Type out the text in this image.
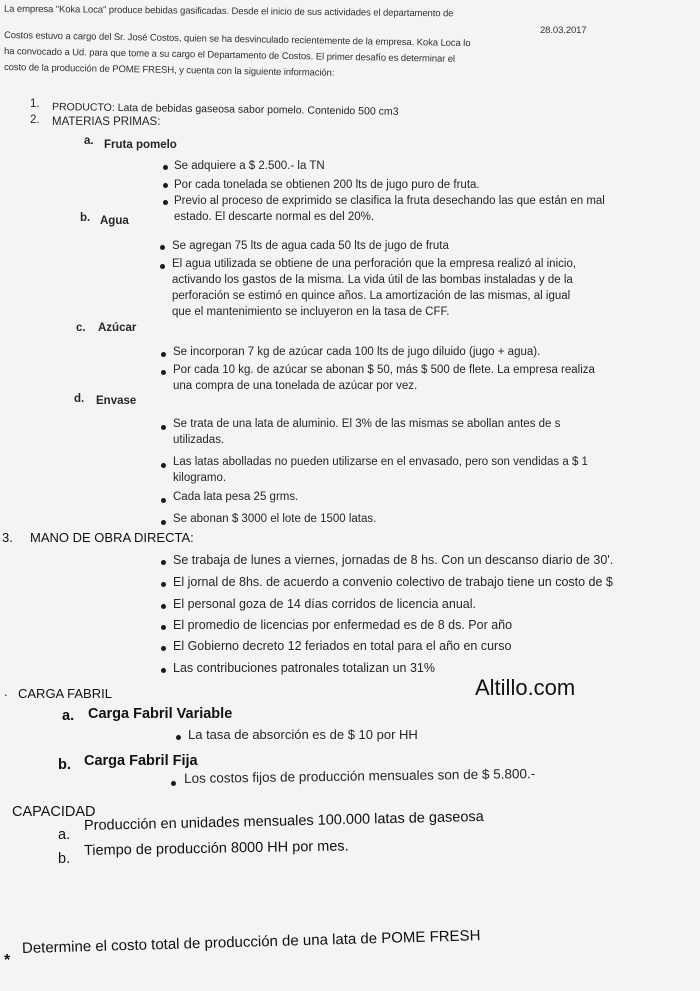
La empresa "Koka Loca" produce bebidas gasificadas. Desde el inicio de sus actividades el departamento de
28.03.2017
Costos estuvo a cargo del Sr. José Costos, quien se ha desvinculado recientemente de la empresa. Koka Loca lo
ha convocado a Ud. para que tome a su cargo el Departamento de Costos. El primer desafío es determinar el
costo de la producción de POME FRESH, y cuenta con la siguiente información:
1. PRODUCTO: Lata de bebidas gaseosa sabor pomelo. Contenido 500 cm3
2. MATERIAS PRIMAS:
a. Fruta pomelo
Se adquiere a $ 2.500.- la TN
Por cada tonelada se obtienen 200 lts de jugo puro de fruta.
Previo al proceso de exprimido se clasifica la fruta desechando las que están en mal
estado. El descarte normal es del 20%.
b. Agua
Se agregan 75 lts de agua cada 50 lts de jugo de fruta
El agua utilizada se obtiene de una perforación que la empresa realizó al inicio,
activando los gastos de la misma. La vida útil de las bombas instaladas y de la
perforación se estimó en quince años. La amortización de las mismas, al igual
que el mantenimiento se incluyeron en la tasa de CFF.
c. Azúcar
Se incorporan 7 kg de azúcar cada 100 lts de jugo diluido (jugo + agua).
Por cada 10 kg. de azúcar se abonan $ 50, más $ 500 de flete. La empresa realiza
una compra de una tonelada de azúcar por vez.
d. Envase
Se trata de una lata de aluminio. El 3% de las mismas se abollan antes de s
utilizadas.
Las latas abolladas no pueden utilizarse en el envasado, pero son vendidas a $ 1
kilogramo.
Cada lata pesa 25 grms.
Se abonan $ 3000 el lote de 1500 latas.
3. MANO DE OBRA DIRECTA:
Se trabaja de lunes a viernes, jornadas de 8 hs. Con un descanso diario de 30'.
El jornal de 8hs. de acuerdo a convenio colectivo de trabajo tiene un costo de $
El personal goza de 14 días corridos de licencia anual.
El promedio de licencias por enfermedad es de 8 ds. Por año
El Gobierno decreto 12 feriados en total para el año en curso
Las contribuciones patronales totalizan un 31%
. CARGA FABRIL
a. Carga Fabril Variable
La tasa de absorción es de $ 10 por HH
b. Carga Fabril Fija
Los costos fijos de producción mensuales son de $ 5.800.-
CAPACIDAD
a.
Producción en unidades mensuales 100.000 latas de gaseosa
b.
Tiempo de producción 8000 HH por mes.
*
Determine el costo total de producción de una lata de POME FRESH
Altillo.com
